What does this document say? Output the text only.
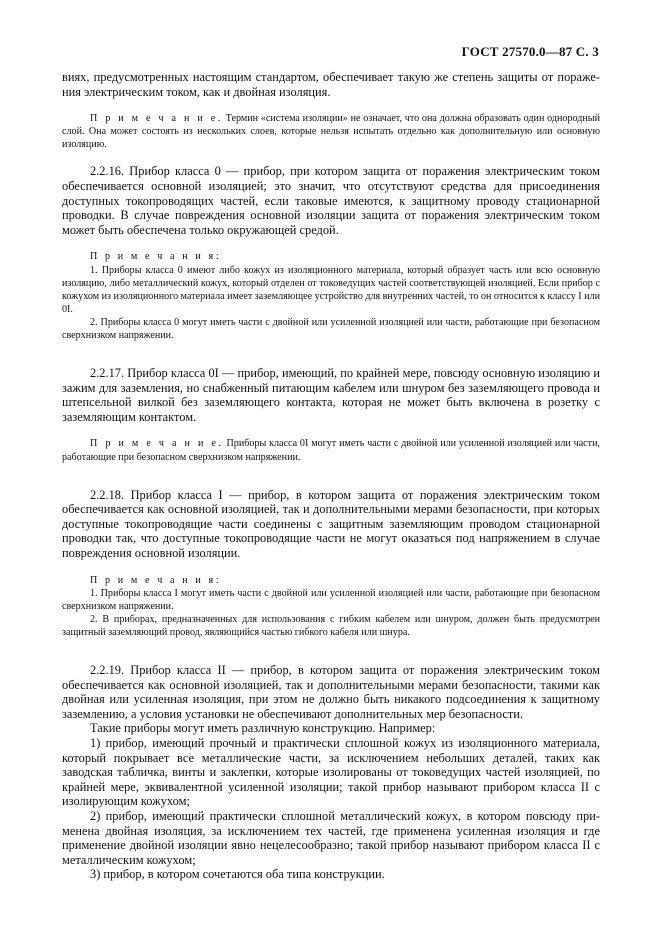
ГОСТ 27570.0—87 С. 3

виях, предусмотренных настоящим стандартом, обеспечивает такую же степень защиты от поражения электрическим током, как и двойная изоляция.

П р и м е ч а н и е. Термин «система изоляции» не означает, что она должна образовать один однородный слой. Она может состоять из нескольких слоев, которые нельзя испытать отдельно как дополнительную или основную изоляцию.

2.2.16. Прибор класса 0 — прибор, при котором защита от поражения электрическим током обеспечивается основной изоляцией; это значит, что отсутствуют средства для присоединения доступных токопроводящих частей, если таковые имеются, к защитному проводу стационарной проводки. В случае повреждения основной изоляции защита от поражения электрическим током может быть обеспечена только окружающей средой.

П р и м е ч а н и я:

1. Приборы класса 0 имеют либо кожух из изоляционного материала, который образует часть или всю основную изоляцию, либо металлический кожух, который отделен от токоведущих частей соответствующей изоляцией. Если прибор с кожухом из изоляционного материала имеет заземляющее устройство для внутренних частей, то он относится к классу I или 0I.

2. Приборы класса 0 могут иметь части с двойной или усиленной изоляцией или части, работающие при безопасном сверхнизком напряжении.

2.2.17. Прибор класса 0I — прибор, имеющий, по крайней мере, повсюду основную изоляцию и зажим для заземления, но снабженный питающим кабелем или шнуром без заземляющего провода и штепсельной вилкой без заземляющего контакта, которая не может быть включена в розетку с заземляющим контактом.

П р и м е ч а н и е. Приборы класса 0I могут иметь части с двойной или усиленной изоляцией или части, работающие при безопасном сверхнизком напряжении.

2.2.18. Прибор класса I — прибор, в котором защита от поражения электрическим током обеспечивается как основной изоляцией, так и дополнительными мерами безопасности, при которых доступные токопроводящие части соединены с защитным заземляющим проводом стационарной проводки так, что доступные токопроводящие части не могут оказаться под напряжением в случае повреждения основной изоляции.

П р и м е ч а н и я:

1. Приборы класса I могут иметь части с двойной или усиленной изоляцией или части, работающие при безопасном сверхнизком напряжении.

2. В приборах, предназначенных для использования с гибким кабелем или шнуром, должен быть предусмотрен защитный заземляющий провод, являющийся частью гибкого кабеля или шнура.

2.2.19. Прибор класса II — прибор, в котором защита от поражения электрическим током обеспечивается как основной изоляцией, так и дополнительными мерами безопасности, такими как двойная или усиленная изоляция, при этом не должно быть никакого подсоединения к защитному заземлению, а условия установки не обеспечивают дополнительных мер безопасности.

Такие приборы могут иметь различную конструкцию. Например:

1) прибор, имеющий прочный и практически сплошной кожух из изоляционного материала, который покрывает все металлические части, за исключением небольших деталей, таких как заводская табличка, винты и заклепки, которые изолированы от токоведущих частей изоляцией, по крайней мере, эквивалентной усиленной изоляции; такой прибор называют прибором класса II с изолирующим кожухом;

2) прибор, имеющий практически сплошной металлический кожух, в котором повсюду применена двойная изоляция, за исключением тех частей, где применена усиленная изоляция и где применение двойной изоляции явно нецелесообразно; такой прибор называют прибором класса II с металлическим кожухом;

3) прибор, в котором сочетаются оба типа конструкции.
